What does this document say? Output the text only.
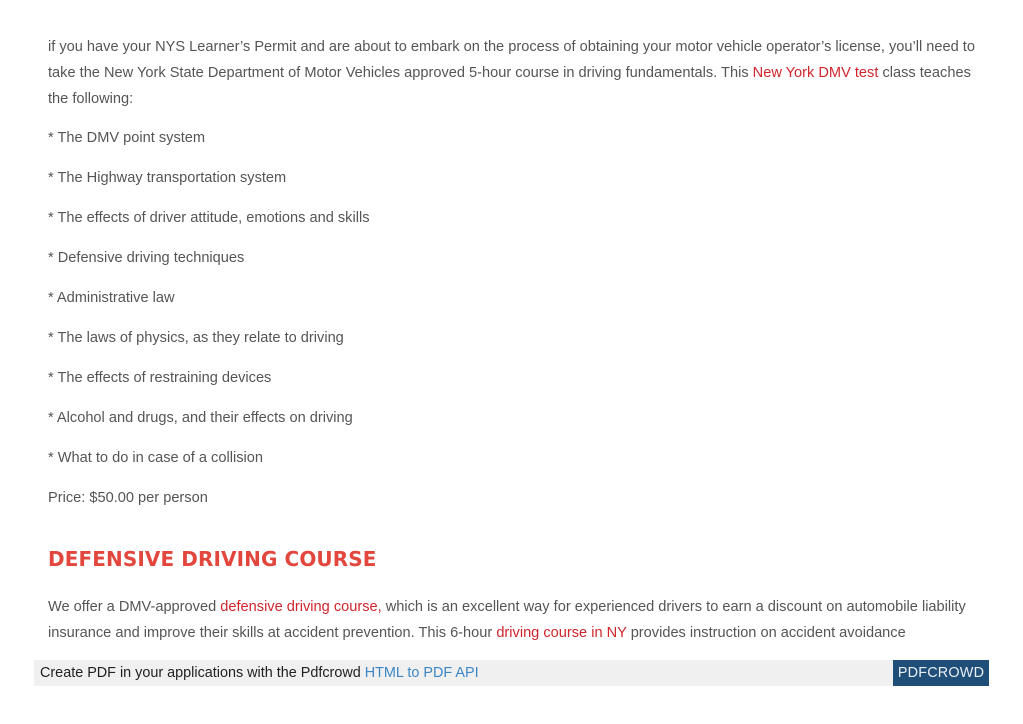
if you have your NYS Learner’s Permit and are about to embark on the process of obtaining your motor vehicle operator’s license, you’ll need to take the New York State Department of Motor Vehicles approved 5-hour course in driving fundamentals. This New York DMV test class teaches the following:

* The DMV point system

* The Highway transportation system

* The effects of driver attitude, emotions and skills

* Defensive driving techniques

* Administrative law

* The laws of physics, as they relate to driving

* The effects of restraining devices

* Alcohol and drugs, and their effects on driving

* What to do in case of a collision

Price: $50.00 per person

DEFENSIVE DRIVING COURSE

We offer a DMV-approved defensive driving course, which is an excellent way for experienced drivers to earn a discount on automobile liability insurance and improve their skills at accident prevention. This 6-hour driving course in NY provides instruction on accident avoidance

Create PDF in your applications with the Pdfcrowd HTML to PDF API	PDFCROWD
